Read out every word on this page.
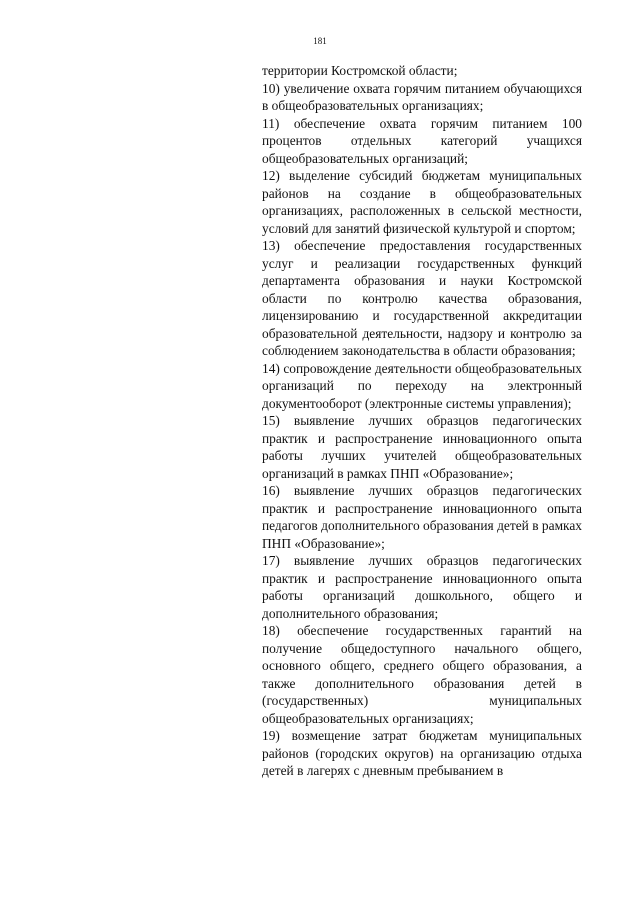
181

территории Костромской области;

10) увеличение охвата горячим питанием обучающихся в общеобразовательных организациях;

11) обеспечение охвата горячим питанием 100 процентов отдельных категорий учащихся общеобразовательных организаций;

12) выделение субсидий бюджетам муниципальных районов на создание в общеобразовательных организациях, расположенных в сельской местности, условий для занятий физической культурой и спортом;

13) обеспечение предоставления государственных услуг и реализации государственных функций департамента образования и науки Костромской области по контролю качества образования, лицензированию и государственной аккредитации образовательной деятельности, надзору и контролю за соблюдением законодательства в области образования;

14) сопровождение деятельности общеобразовательных организаций по переходу на электронный документооборот (электронные системы управления);

15) выявление лучших образцов педагогических практик и распространение инновационного опыта работы лучших учителей общеобразовательных организаций в рамках ПНП «Образование»;

16) выявление лучших образцов педагогических практик и распространение инновационного опыта педагогов дополнительного образования детей в рамках ПНП «Образование»;

17) выявление лучших образцов педагогических практик и распространение инновационного опыта работы организаций дошкольного, общего и дополнительного образования;

18) обеспечение государственных гарантий на получение общедоступного начального общего, основного общего, среднего общего образования, а также дополнительного образования детей в (государственных) муниципальных общеобразовательных организациях;

19) возмещение затрат бюджетам муниципальных районов (городских округов) на организацию отдыха детей в лагерях с дневным пребыванием в
